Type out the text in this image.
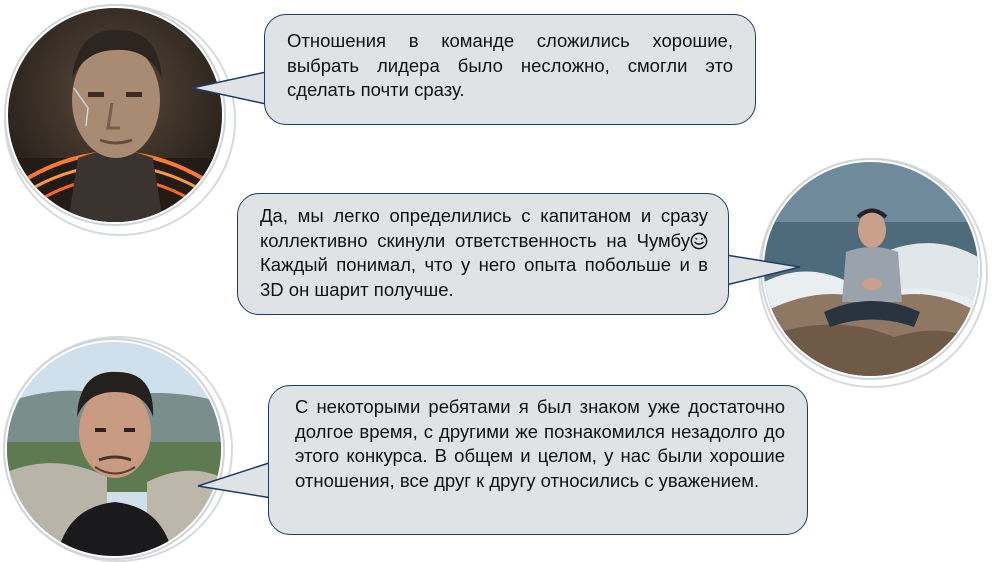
Отношения в команде сложились хорошие, выбрать лидера было несложно, смогли это сделать почти сразу.

Да, мы легко определились с капитаном и сразу коллективно скинули ответственность на Чумбу Каждый понимал, что у него опыта побольше и в 3D он шарит получше.

С некоторыми ребятами я был знаком уже достаточно долгое время, с другими же познакомился незадолго до этого конкурса. В общем и целом, у нас были хорошие отношения, все друг к другу относились с уважением.
